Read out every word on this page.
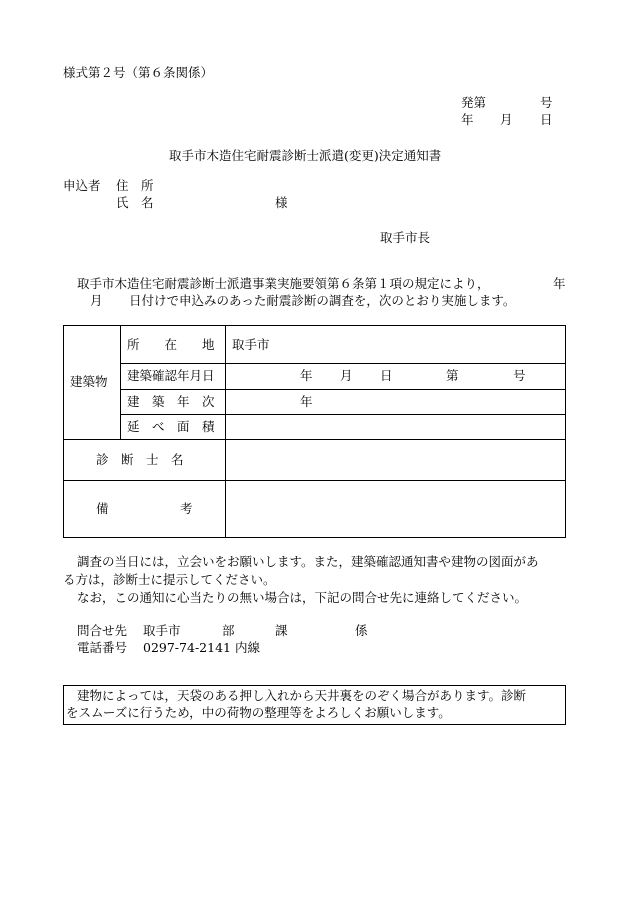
様式第２号（第６条関係）
発第	号
年 月 日
取手市木造住宅耐震診断士派遣(変更)決定通知書
申込者 住　所
氏　名	様
取手市長
取手市木造住宅耐震診断士派遣事業実施要領第６条第１項の規定により，	年
月 日付けで申込みのあった耐震診断の調査を，次のとおり実施します。
建築物
所　　在　　地 取手市
建築確認年月日	年 月 日	第	号
建　築　年　次	年
延　べ　面　積
診　断　士　名
備	考
調査の当日には，立会いをお願いします。また，建築確認通知書や建物の図面があ
る方は，診断士に提示してください。
なお，この通知に心当たりの無い場合は，下記の問合せ先に連絡してください。
問合せ先 取手市	部	課	係
電話番号 0297-74-2141 内線
建物によっては，天袋のある押し入れから天井裏をのぞく場合があります。診断
をスムーズに行うため，中の荷物の整理等をよろしくお願いします。
